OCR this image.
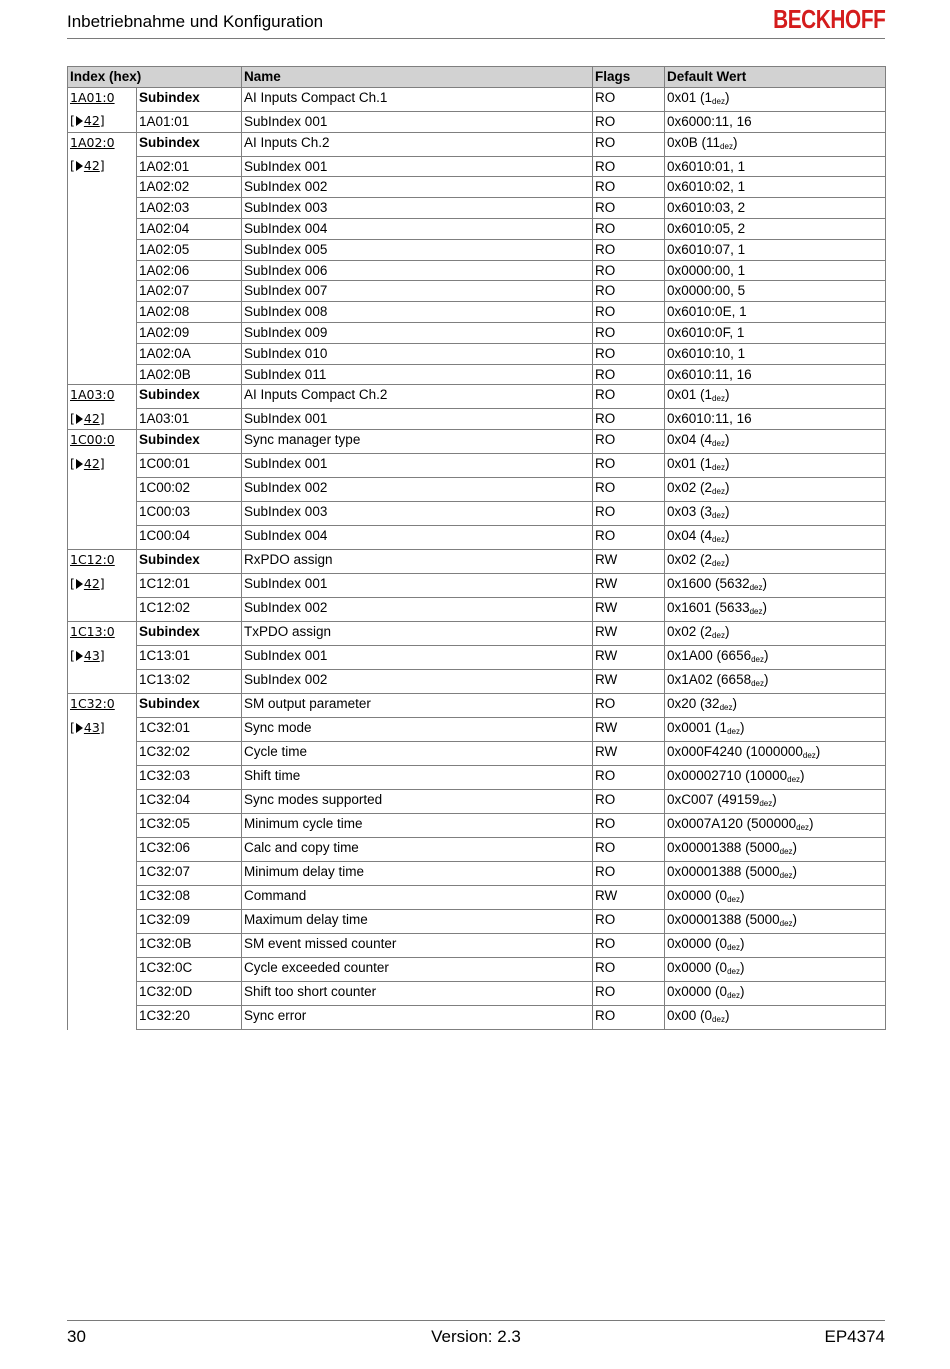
Inbetriebnahme und Konfiguration	BECKHOFF
Index (hex)		Name	Flags	Default Wert
1A01:0	Subindex	AI Inputs Compact Ch.1	RO	0x01 $(1_{dez})$
[ 42]	1A01:01	SubIndex 001	RO	0x6000:11, 16
1A02:0	Subindex	AI Inputs Ch.2	RO	0x0B $(11_{dez})$
[ 42]	1A02:01	SubIndex 001	RO	0x6010:01, 1
	1A02:02	SubIndex 002	RO	0x6010:02, 1
	1A02:03	SubIndex 003	RO	0x6010:03, 2
	1A02:04	SubIndex 004	RO	0x6010:05, 2
	1A02:05	SubIndex 005	RO	0x6010:07, 1
	1A02:06	SubIndex 006	RO	0x0000:00, 1
	1A02:07	SubIndex 007	RO	0x0000:00, 5
	1A02:08	SubIndex 008	RO	0x6010:0E, 1
	1A02:09	SubIndex 009	RO	0x6010:0F, 1
	1A02:0A	SubIndex 010	RO	0x6010:10, 1
	1A02:0B	SubIndex 011	RO	0x6010:11, 16
1A03:0	Subindex	AI Inputs Compact Ch.2	RO	0x01 $(1_{dez})$
[ 42]	1A03:01	SubIndex 001	RO	0x6010:11, 16
1C00:0	Subindex	Sync manager type	RO	0x04 $(4_{dez})$
[ 42]	1C00:01	SubIndex 001	RO	0x01 $(1_{dez})$
	1C00:02	SubIndex 002	RO	0x02 $(2_{dez})$
	1C00:03	SubIndex 003	RO	0x03 $(3_{dez})$
	1C00:04	SubIndex 004	RO	0x04 $(4_{dez})$
1C12:0	Subindex	RxPDO assign	RW	0x02 $(2_{dez})$
[ 42]	1C12:01	SubIndex 001	RW	0x1600 $(5632_{dez})$
	1C12:02	SubIndex 002	RW	0x1601 $(5633_{dez})$
1C13:0	Subindex	TxPDO assign	RW	0x02 $(2_{dez})$
[ 43]	1C13:01	SubIndex 001	RW	0x1A00 $(6656_{dez})$
	1C13:02	SubIndex 002	RW	0x1A02 $(6658_{dez})$
1C32:0	Subindex	SM output parameter	RO	0x20 $(32_{dez})$
[ 43]	1C32:01	Sync mode	RW	0x0001 $(1_{dez})$
	1C32:02	Cycle time	RW	0x000F4240 $(1000000_{dez})$
	1C32:03	Shift time	RO	0x00002710 $(10000_{dez})$
	1C32:04	Sync modes supported	RO	0xC007 $(49159_{dez})$
	1C32:05	Minimum cycle time	RO	0x0007A120 $(500000_{dez})$
	1C32:06	Calc and copy time	RO	0x00001388 $(5000_{dez})$
	1C32:07	Minimum delay time	RO	0x00001388 $(5000_{dez})$
	1C32:08	Command	RW	0x0000 $(0_{dez})$
	1C32:09	Maximum delay time	RO	0x00001388 $(5000_{dez})$
	1C32:0B	SM event missed counter	RO	0x0000 $(0_{dez})$
	1C32:0C	Cycle exceeded counter	RO	0x0000 $(0_{dez})$
	1C32:0D	Shift too short counter	RO	0x0000 $(0_{dez})$
	1C32:20	Sync error	RO	0x00 $(0_{dez})$
30	Version: 2.3	EP4374
